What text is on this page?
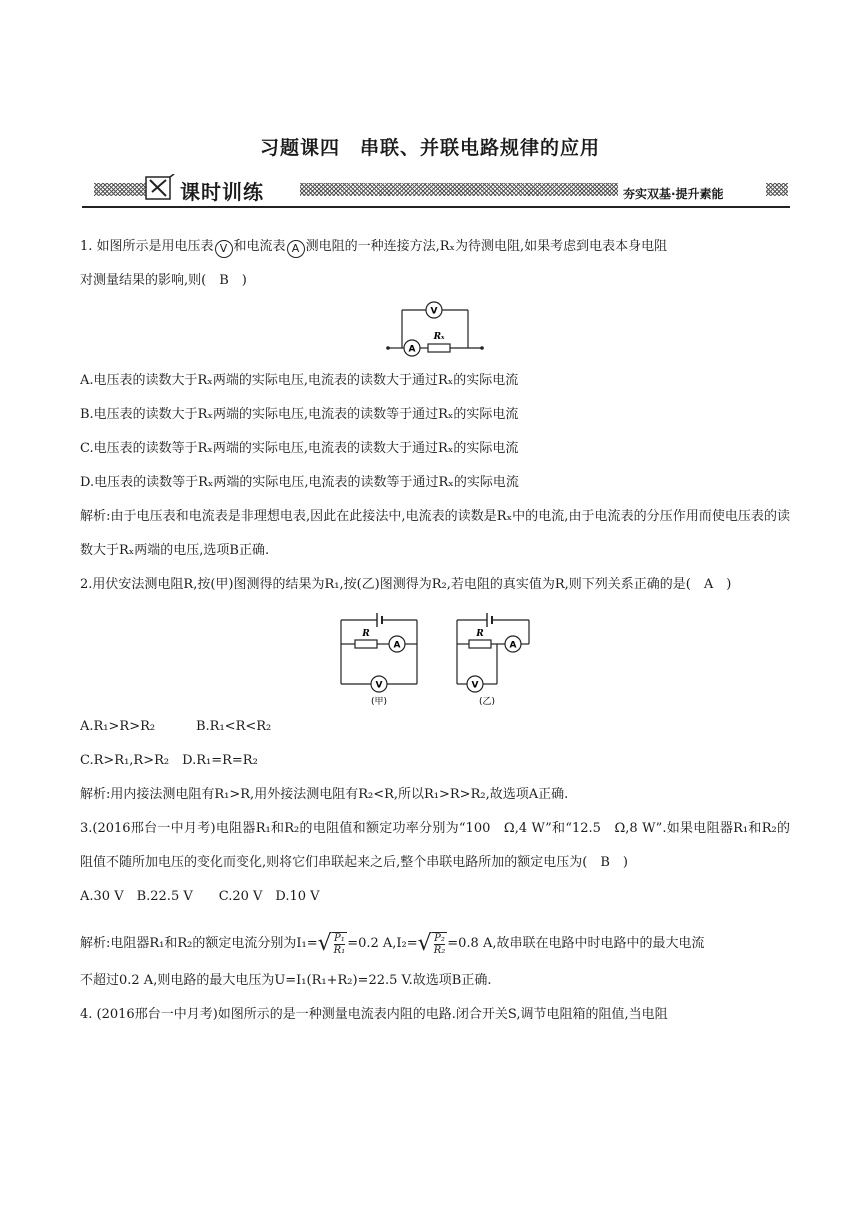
习题课四　串联、并联电路规律的应用
课时训练	夯实双基·提升素能

1. 如图所示是用电压表 V 和电流表 A 测电阻的一种连接方法,Rₓ为待测电阻,如果考虑到电表本身电阻

对测量结果的影响,则(　B　)

V
A
Rₓ

A.电压表的读数大于Rₓ两端的实际电压,电流表的读数大于通过Rₓ的实际电流

B.电压表的读数大于Rₓ两端的实际电压,电流表的读数等于通过Rₓ的实际电流

C.电压表的读数等于Rₓ两端的实际电压,电流表的读数大于通过Rₓ的实际电流

D.电压表的读数等于Rₓ两端的实际电压,电流表的读数等于通过Rₓ的实际电流

解析:由于电压表和电流表是非理想电表,因此在此接法中,电流表的读数是Rₓ中的电流,由于电流表的分压作用而使电压表的读数大于Rₓ两端的电压,选项B正确.

2.用伏安法测电阻R,按(甲)图测得的结果为R₁,按(乙)图测得为R₂,若电阻的真实值为R,则下列关系正确的是(　A　)

R
A
V
(甲)
R
A
V
(乙)

A.R₁>R>R₂	B.R₁<R<R₂

C.R>R₁,R>R₂　 D.R₁=R=R₂

解析:用内接法测电阻有R₁>R,用外接法测电阻有R₂<R,所以R₁>R>R₂,故选项A正确.

3.(2016邢台一中月考)电阻器R₁和R₂的电阻值和额定功率分别为“100　Ω,4 W”和“12.5　Ω,8 W”.如果电阻器R₁和R₂的阻值不随所加电压的变化而变化,则将它们串联起来之后,整个串联电路所加的额定电压为(　B　)

A.30 V　B.22.5 V　　C.20 V　D.10 V

解析:电阻器R₁和R₂的额定电流分别为I₁= √ P₁
R₁ =0.2 A,I₂= √ P₂
R₂ =0.8 A,故串联在电路中时电路中的最大电流

不超过0.2 A,则电路的最大电压为U=I₁(R₁+R₂)=22.5 V.故选项B正确.

4. (2016邢台一中月考)如图所示的是一种测量电流表内阻的电路.闭合开关S,调节电阻箱的阻值,当电阻
